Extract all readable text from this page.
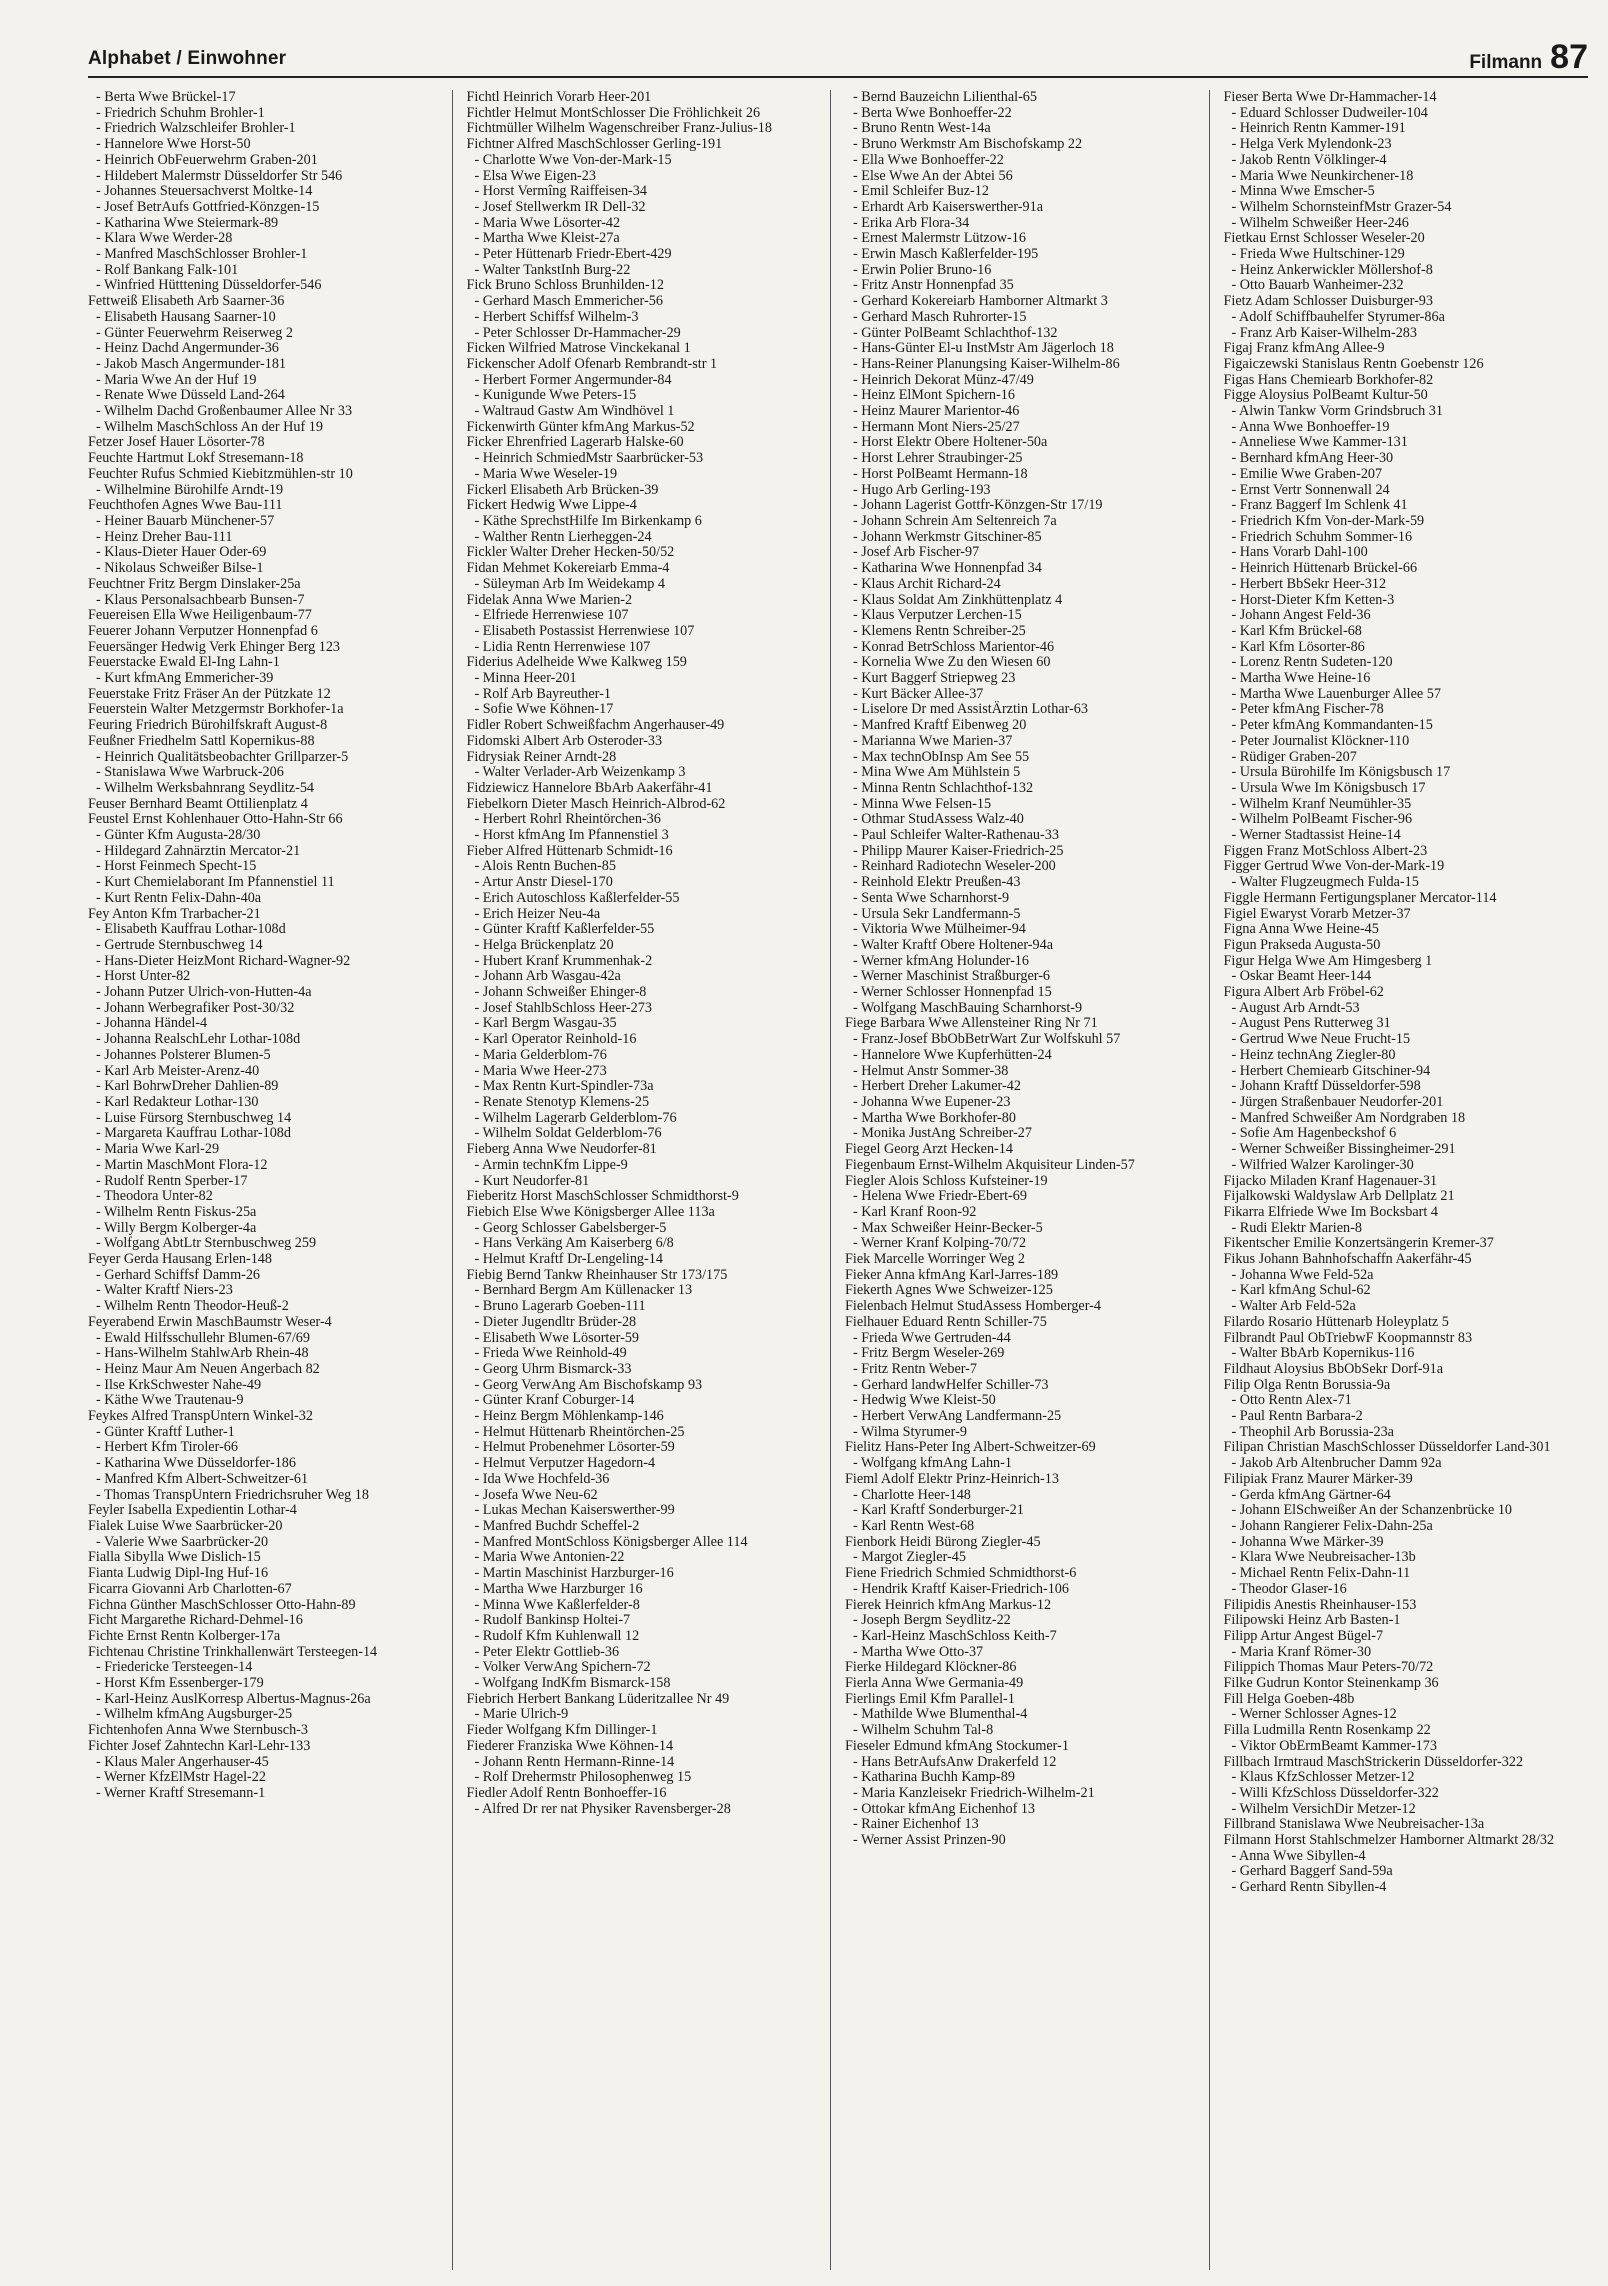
Alphabet / Einwohner	Filmann 87
- Berta Wwe Brückel-17
- Friedrich Schuhm Brohler-1
- Friedrich Walzschleifer Brohler-1
- Hannelore Wwe Horst-50
- Heinrich ObFeuerwehrm Graben-201
- Hildebert Malermstr Düsseldorfer Str 546
- Johannes Steuersachverst Moltke-14
- Josef BetrAufs Gottfried-Könzgen-15
- Katharina Wwe Steiermark-89
- Klara Wwe Werder-28
- Manfred MaschSchlosser Brohler-1
- Rolf Bankang Falk-101
- Winfried Hütttening Düsseldorfer-546
Fettweiß Elisabeth Arb Saarner-36
- Elisabeth Hausang Saarner-10
- Günter Feuerwehrm Reiserweg 2
- Heinz Dachd Angermunder-36
- Jakob Masch Angermunder-181
- Maria Wwe An der Huf 19
- Renate Wwe Düsseld Land-264
- Wilhelm Dachd Großenbaumer Allee Nr 33
- Wilhelm MaschSchloss An der Huf 19
Fetzer Josef Hauer Lösorter-78
Feuchte Hartmut Lokf Stresemann-18
Feuchter Rufus Schmied Kiebitzmühlen-str 10
- Wilhelmine Bürohilfe Arndt-19
Feuchthofen Agnes Wwe Bau-111
- Heiner Bauarb Münchener-57
- Heinz Dreher Bau-111
- Klaus-Dieter Hauer Oder-69
- Nikolaus Schweißer Bilse-1
Feuchtner Fritz Bergm Dinslaker-25a
- Klaus Personalsachbearb Bunsen-7
Feuereisen Ella Wwe Heiligenbaum-77
Feuerer Johann Verputzer Honnenpfad 6
Feuersänger Hedwig Verk Ehinger Berg 123
Feuerstacke Ewald El-Ing Lahn-1
- Kurt kfmAng Emmericher-39
Feuerstake Fritz Fräser An der Pützkate 12
Feuerstein Walter Metzgermstr Borkhofer-1a
Feuring Friedrich Bürohilfskraft August-8
Feußner Friedhelm Sattl Kopernikus-88
- Heinrich Qualitätsbeobachter Grillparzer-5
- Stanislawa Wwe Warbruck-206
- Wilhelm Werksbahnrang Seydlitz-54
Feuser Bernhard Beamt Ottilienplatz 4
Feustel Ernst Kohlenhauer Otto-Hahn-Str 66
- Günter Kfm Augusta-28/30
- Hildegard Zahnärztin Mercator-21
- Horst Feinmech Specht-15
- Kurt Chemielaborant Im Pfannenstiel 11
- Kurt Rentn Felix-Dahn-40a
Fey Anton Kfm Trarbacher-21
- Elisabeth Kauffrau Lothar-108d
- Gertrude Sternbuschweg 14
- Hans-Dieter HeizMont Richard-Wagner-92
- Horst Unter-82
- Johann Putzer Ulrich-von-Hutten-4a
- Johann Werbegrafiker Post-30/32
- Johanna Händel-4
- Johanna RealschLehr Lothar-108d
- Johannes Polsterer Blumen-5
- Karl Arb Meister-Arenz-40
- Karl BohrwDreher Dahlien-89
- Karl Redakteur Lothar-130
- Luise Fürsorg Sternbuschweg 14
- Margareta Kauffrau Lothar-108d
- Maria Wwe Karl-29
- Martin MaschMont Flora-12
- Rudolf Rentn Sperber-17
- Theodora Unter-82
- Wilhelm Rentn Fiskus-25a
- Willy Bergm Kolberger-4a
- Wolfgang AbtLtr Sternbuschweg 259
Feyer Gerda Hausang Erlen-148
- Gerhard Schiffsf Damm-26
- Walter Kraftf Niers-23
- Wilhelm Rentn Theodor-Heuß-2
Feyerabend Erwin MaschBaumstr Weser-4
- Ewald Hilfsschullehr Blumen-67/69
- Hans-Wilhelm StahlwArb Rhein-48
- Heinz Maur Am Neuen Angerbach 82
- Ilse KrkSchwester Nahe-49
- Käthe Wwe Trautenau-9
Feykes Alfred TranspUntern Winkel-32
- Günter Kraftf Luther-1
- Herbert Kfm Tiroler-66
- Katharina Wwe Düsseldorfer-186
- Manfred Kfm Albert-Schweitzer-61
- Thomas TranspUntern Friedrichsruher Weg 18
Feyler Isabella Expedientin Lothar-4
Fialek Luise Wwe Saarbrücker-20
- Valerie Wwe Saarbrücker-20
Fialla Sibylla Wwe Dislich-15
Fianta Ludwig Dipl-Ing Huf-16
Ficarra Giovanni Arb Charlotten-67
Fichna Günther MaschSchlosser Otto-Hahn-89
Ficht Margarethe Richard-Dehmel-16
Fichte Ernst Rentn Kolberger-17a
Fichtenau Christine Trinkhallenwärt Tersteegen-14
- Friedericke Tersteegen-14
- Horst Kfm Essenberger-179
- Karl-Heinz AuslKorresp Albertus-Magnus-26a
- Wilhelm kfmAng Augsburger-25
Fichtenhofen Anna Wwe Sternbusch-3
Fichter Josef Zahntechn Karl-Lehr-133
- Klaus Maler Angerhauser-45
- Werner KfzElMstr Hagel-22
- Werner Kraftf Stresemann-1
Fichtl Heinrich Vorarb Heer-201
Fichtler Helmut MontSchlosser Die Fröhlichkeit 26
Fichtmüller Wilhelm Wagenschreiber Franz-Julius-18
Fichtner Alfred MaschSchlosser Gerling-191
- Charlotte Wwe Von-der-Mark-15
- Elsa Wwe Eigen-23
- Horst Vermîng Raiffeisen-34
- Josef Stellwerkm IR Dell-32
- Maria Wwe Lösorter-42
- Martha Wwe Kleist-27a
- Peter Hüttenarb Friedr-Ebert-429
- Walter TankstInh Burg-22
Fick Bruno Schloss Brunhilden-12
- Gerhard Masch Emmericher-56
- Herbert Schiffsf Wilhelm-3
- Peter Schlosser Dr-Hammacher-29
Ficken Wilfried Matrose Vinckekanal 1
Fickenscher Adolf Ofenarb Rembrandt-str 1
- Herbert Former Angermunder-84
- Kunigunde Wwe Peters-15
- Waltraud Gastw Am Windhövel 1
Fickenwirth Günter kfmAng Markus-52
Ficker Ehrenfried Lagerarb Halske-60
- Heinrich SchmiedMstr Saarbrücker-53
- Maria Wwe Weseler-19
Fickerl Elisabeth Arb Brücken-39
Fickert Hedwig Wwe Lippe-4
- Käthe SprechstHilfe Im Birkenkamp 6
- Walther Rentn Lierheggen-24
Fickler Walter Dreher Hecken-50/52
Fidan Mehmet Kokereiarb Emma-4
- Süleyman Arb Im Weidekamp 4
Fidelak Anna Wwe Marien-2
- Elfriede Herrenwiese 107
- Elisabeth Postassist Herrenwiese 107
- Lidia Rentn Herrenwiese 107
Fiderius Adelheide Wwe Kalkweg 159
- Minna Heer-201
- Rolf Arb Bayreuther-1
- Sofie Wwe Köhnen-17
Fidler Robert Schweißfachm Angerhauser-49
Fidomski Albert Arb Osteroder-33
Fidrysiak Reiner Arndt-28
- Walter Verlader-Arb Weizenkamp 3
Fidziewicz Hannelore BbArb Aakerfähr-41
Fiebelkorn Dieter Masch Heinrich-Albrod-62
- Herbert Rohrl Rheintörchen-36
- Horst kfmAng Im Pfannenstiel 3
Fieber Alfred Hüttenarb Schmidt-16
- Alois Rentn Buchen-85
- Artur Anstr Diesel-170
- Erich Autoschloss Kaßlerfelder-55
- Erich Heizer Neu-4a
- Günter Kraftf Kaßlerfelder-55
- Helga Brückenplatz 20
- Hubert Kranf Krummenhak-2
- Johann Arb Wasgau-42a
- Johann Schweißer Ehinger-8
- Josef StahlbSchloss Heer-273
- Karl Bergm Wasgau-35
- Karl Operator Reinhold-16
- Maria Gelderblom-76
- Maria Wwe Heer-273
- Max Rentn Kurt-Spindler-73a
- Renate Stenotyp Klemens-25
- Wilhelm Lagerarb Gelderblom-76
- Wilhelm Soldat Gelderblom-76
Fieberg Anna Wwe Neudorfer-81
- Armin technKfm Lippe-9
- Kurt Neudorfer-81
Fieberitz Horst MaschSchlosser Schmidthorst-9
Fiebich Else Wwe Königsberger Allee 113a
- Georg Schlosser Gabelsberger-5
- Hans Verkäng Am Kaiserberg 6/8
- Helmut Kraftf Dr-Lengeling-14
Fiebig Bernd Tankw Rheinhauser Str 173/175
- Bernhard Bergm Am Küllenacker 13
- Bruno Lagerarb Goeben-111
- Dieter Jugendltr Brüder-28
- Elisabeth Wwe Lösorter-59
- Frieda Wwe Reinhold-49
- Georg Uhrm Bismarck-33
- Georg VerwAng Am Bischofskamp 93
- Günter Kranf Coburger-14
- Heinz Bergm Möhlenkamp-146
- Helmut Hüttenarb Rheintörchen-25
- Helmut Probenehmer Lösorter-59
- Helmut Verputzer Hagedorn-4
- Ida Wwe Hochfeld-36
- Josefa Wwe Neu-62
- Lukas Mechan Kaiserswerther-99
- Manfred Buchdr Scheffel-2
- Manfred MontSchloss Königsberger Allee 114
- Maria Wwe Antonien-22
- Martin Maschinist Harzburger-16
- Martha Wwe Harzburger 16
- Minna Wwe Kaßlerfelder-8
- Rudolf Bankinsp Holtei-7
- Rudolf Kfm Kuhlenwall 12
- Peter Elektr Gottlieb-36
- Volker VerwAng Spichern-72
- Wolfgang IndKfm Bismarck-158
Fiebrich Herbert Bankang Lüderitzallee Nr 49
- Marie Ulrich-9
Fieder Wolfgang Kfm Dillinger-1
Fiederer Franziska Wwe Köhnen-14
- Johann Rentn Hermann-Rinne-14
- Rolf Drehermstr Philosophenweg 15
Fiedler Adolf Rentn Bonhoeffer-16
- Alfred Dr rer nat Physiker Ravensberger-28
- Bernd Bauzeichn Lilienthal-65
- Berta Wwe Bonhoeffer-22
- Bruno Rentn West-14a
- Bruno Werkmstr Am Bischofskamp 22
- Ella Wwe Bonhoeffer-22
- Else Wwe An der Abtei 56
- Emil Schleifer Buz-12
- Erhardt Arb Kaiserswerther-91a
- Erika Arb Flora-34
- Ernest Malermstr Lützow-16
- Erwin Masch Kaßlerfelder-195
- Erwin Polier Bruno-16
- Fritz Anstr Honnenpfad 35
- Gerhard Kokereiarb Hamborner Altmarkt 3
- Gerhard Masch Ruhrorter-15
- Günter PolBeamt Schlachthof-132
- Hans-Günter El-u InstMstr Am Jägerloch 18
- Hans-Reiner Planungsing Kaiser-Wilhelm-86
- Heinrich Dekorat Münz-47/49
- Heinz ElMont Spichern-16
- Heinz Maurer Marientor-46
- Hermann Mont Niers-25/27
- Horst Elektr Obere Holtener-50a
- Horst Lehrer Straubinger-25
- Horst PolBeamt Hermann-18
- Hugo Arb Gerling-193
- Johann Lagerist Gottfr-Könzgen-Str 17/19
- Johann Schrein Am Seltenreich 7a
- Johann Werkmstr Gitschiner-85
- Josef Arb Fischer-97
- Katharina Wwe Honnenpfad 34
- Klaus Archit Richard-24
- Klaus Soldat Am Zinkhüttenplatz 4
- Klaus Verputzer Lerchen-15
- Klemens Rentn Schreiber-25
- Konrad BetrSchloss Marientor-46
- Kornelia Wwe Zu den Wiesen 60
- Kurt Baggerf Striepweg 23
- Kurt Bäcker Allee-37
- Liselore Dr med AssistÄrztin Lothar-63
- Manfred Kraftf Eibenweg 20
- Marianna Wwe Marien-37
- Max technObInsp Am See 55
- Mina Wwe Am Mühlstein 5
- Minna Rentn Schlachthof-132
- Minna Wwe Felsen-15
- Othmar StudAssess Walz-40
- Paul Schleifer Walter-Rathenau-33
- Philipp Maurer Kaiser-Friedrich-25
- Reinhard Radiotechn Weseler-200
- Reinhold Elektr Preußen-43
- Senta Wwe Scharnhorst-9
- Ursula Sekr Landfermann-5
- Viktoria Wwe Mülheimer-94
- Walter Kraftf Obere Holtener-94a
- Werner kfmAng Holunder-16
- Werner Maschinist Straßburger-6
- Werner Schlosser Honnenpfad 15
- Wolfgang MaschBauing Scharnhorst-9
Fiege Barbara Wwe Allensteiner Ring Nr 71
- Franz-Josef BbObBetrWart Zur Wolfskuhl 57
- Hannelore Wwe Kupferhütten-24
- Helmut Anstr Sommer-38
- Herbert Dreher Lakumer-42
- Johanna Wwe Eupener-23
- Martha Wwe Borkhofer-80
- Monika JustAng Schreiber-27
Fiegel Georg Arzt Hecken-14
Fiegenbaum Ernst-Wilhelm Akquisiteur Linden-57
Fiegler Alois Schloss Kufsteiner-19
- Helena Wwe Friedr-Ebert-69
- Karl Kranf Roon-92
- Max Schweißer Heinr-Becker-5
- Werner Kranf Kolping-70/72
Fiek Marcelle Worringer Weg 2
Fieker Anna kfmAng Karl-Jarres-189
Fiekerth Agnes Wwe Schweizer-125
Fielenbach Helmut StudAssess Homberger-4
Fielhauer Eduard Rentn Schiller-75
- Frieda Wwe Gertruden-44
- Fritz Bergm Weseler-269
- Fritz Rentn Weber-7
- Gerhard landwHelfer Schiller-73
- Hedwig Wwe Kleist-50
- Herbert VerwAng Landfermann-25
- Wilma Styrumer-9
Fielitz Hans-Peter Ing Albert-Schweitzer-69
- Wolfgang kfmAng Lahn-1
Fieml Adolf Elektr Prinz-Heinrich-13
- Charlotte Heer-148
- Karl Kraftf Sonderburger-21
- Karl Rentn West-68
Fienbork Heidi Bürong Ziegler-45
- Margot Ziegler-45
Fiene Friedrich Schmied Schmidthorst-6
- Hendrik Kraftf Kaiser-Friedrich-106
Fierek Heinrich kfmAng Markus-12
- Joseph Bergm Seydlitz-22
- Karl-Heinz MaschSchloss Keith-7
- Martha Wwe Otto-37
Fierke Hildegard Klöckner-86
Fierla Anna Wwe Germania-49
Fierlings Emil Kfm Parallel-1
- Mathilde Wwe Blumenthal-4
- Wilhelm Schuhm Tal-8
Fieseler Edmund kfmAng Stockumer-1
- Hans BetrAufsAnw Drakerfeld 12
- Katharina Buchh Kamp-89
- Maria Kanzleisekr Friedrich-Wilhelm-21
- Ottokar kfmAng Eichenhof 13
- Rainer Eichenhof 13
- Werner Assist Prinzen-90
Fieser Berta Wwe Dr-Hammacher-14
- Eduard Schlosser Dudweiler-104
- Heinrich Rentn Kammer-191
- Helga Verk Mylendonk-23
- Jakob Rentn Völklinger-4
- Maria Wwe Neunkirchener-18
- Minna Wwe Emscher-5
- Wilhelm SchornsteinfMstr Grazer-54
- Wilhelm Schweißer Heer-246
Fietkau Ernst Schlosser Weseler-20
- Frieda Wwe Hultschiner-129
- Heinz Ankerwickler Möllershof-8
- Otto Bauarb Wanheimer-232
Fietz Adam Schlosser Duisburger-93
- Adolf Schiffbauhelfer Styrumer-86a
- Franz Arb Kaiser-Wilhelm-283
Figaj Franz kfmAng Allee-9
Figaiczewski Stanislaus Rentn Goebenstr 126
Figas Hans Chemiearb Borkhofer-82
Figge Aloysius PolBeamt Kultur-50
- Alwin Tankw Vorm Grindsbruch 31
- Anna Wwe Bonhoeffer-19
- Anneliese Wwe Kammer-131
- Bernhard kfmAng Heer-30
- Emilie Wwe Graben-207
- Ernst Vertr Sonnenwall 24
- Franz Baggerf Im Schlenk 41
- Friedrich Kfm Von-der-Mark-59
- Friedrich Schuhm Sommer-16
- Hans Vorarb Dahl-100
- Heinrich Hüttenarb Brückel-66
- Herbert BbSekr Heer-312
- Horst-Dieter Kfm Ketten-3
- Johann Angest Feld-36
- Karl Kfm Brückel-68
- Karl Kfm Lösorter-86
- Lorenz Rentn Sudeten-120
- Martha Wwe Heine-16
- Martha Wwe Lauenburger Allee 57
- Peter kfmAng Fischer-78
- Peter kfmAng Kommandanten-15
- Peter Journalist Klöckner-110
- Rüdiger Graben-207
- Ursula Bürohilfe Im Königsbusch 17
- Ursula Wwe Im Königsbusch 17
- Wilhelm Kranf Neumühler-35
- Wilhelm PolBeamt Fischer-96
- Werner Stadtassist Heine-14
Figgen Franz MotSchloss Albert-23
Figger Gertrud Wwe Von-der-Mark-19
- Walter Flugzeugmech Fulda-15
Figgle Hermann Fertigungsplaner Mercator-114
Figiel Ewaryst Vorarb Metzer-37
Figna Anna Wwe Heine-45
Figun Prakseda Augusta-50
Figur Helga Wwe Am Himgesberg 1
- Oskar Beamt Heer-144
Figura Albert Arb Fröbel-62
- August Arb Arndt-53
- August Pens Rutterweg 31
- Gertrud Wwe Neue Frucht-15
- Heinz technAng Ziegler-80
- Herbert Chemiearb Gitschiner-94
- Johann Kraftf Düsseldorfer-598
- Jürgen Straßenbauer Neudorfer-201
- Manfred Schweißer Am Nordgraben 18
- Sofie Am Hagenbeckshof 6
- Werner Schweißer Bissingheimer-291
- Wilfried Walzer Karolinger-30
Fijacko Miladen Kranf Hagenauer-31
Fijalkowski Waldyslaw Arb Dellplatz 21
Fikarra Elfriede Wwe Im Bocksbart 4
- Rudi Elektr Marien-8
Fikentscher Emilie Konzertsängerin Kremer-37
Fikus Johann Bahnhofschaffn Aakerfähr-45
- Johanna Wwe Feld-52a
- Karl kfmAng Schul-62
- Walter Arb Feld-52a
Filardo Rosario Hüttenarb Holeyplatz 5
Filbrandt Paul ObTriebwF Koopmannstr 83
- Walter BbArb Kopernikus-116
Fildhaut Aloysius BbObSekr Dorf-91a
Filip Olga Rentn Borussia-9a
- Otto Rentn Alex-71
- Paul Rentn Barbara-2
- Theophil Arb Borussia-23a
Filipan Christian MaschSchlosser Düsseldorfer Land-301
- Jakob Arb Altenbrucher Damm 92a
Filipiak Franz Maurer Märker-39
- Gerda kfmAng Gärtner-64
- Johann ElSchweißer An der Schanzenbrücke 10
- Johann Rangierer Felix-Dahn-25a
- Johanna Wwe Märker-39
- Klara Wwe Neubreisacher-13b
- Michael Rentn Felix-Dahn-11
- Theodor Glaser-16
Filipidis Anestis Rheinhauser-153
Filipowski Heinz Arb Basten-1
Filipp Artur Angest Bügel-7
- Maria Kranf Römer-30
Filippich Thomas Maur Peters-70/72
Filke Gudrun Kontor Steinenkamp 36
Fill Helga Goeben-48b
- Werner Schlosser Agnes-12
Filla Ludmilla Rentn Rosenkamp 22
- Viktor ObErmBeamt Kammer-173
Fillbach Irmtraud MaschStrickerin Düsseldorfer-322
- Klaus KfzSchlosser Metzer-12
- Willi KfzSchloss Düsseldorfer-322
- Wilhelm VersichDir Metzer-12
Fillbrand Stanislawa Wwe Neubreisacher-13a
Filmann Horst Stahlschmelzer Hamborner Altmarkt 28/32
- Anna Wwe Sibyllen-4
- Gerhard Baggerf Sand-59a
- Gerhard Rentn Sibyllen-4
